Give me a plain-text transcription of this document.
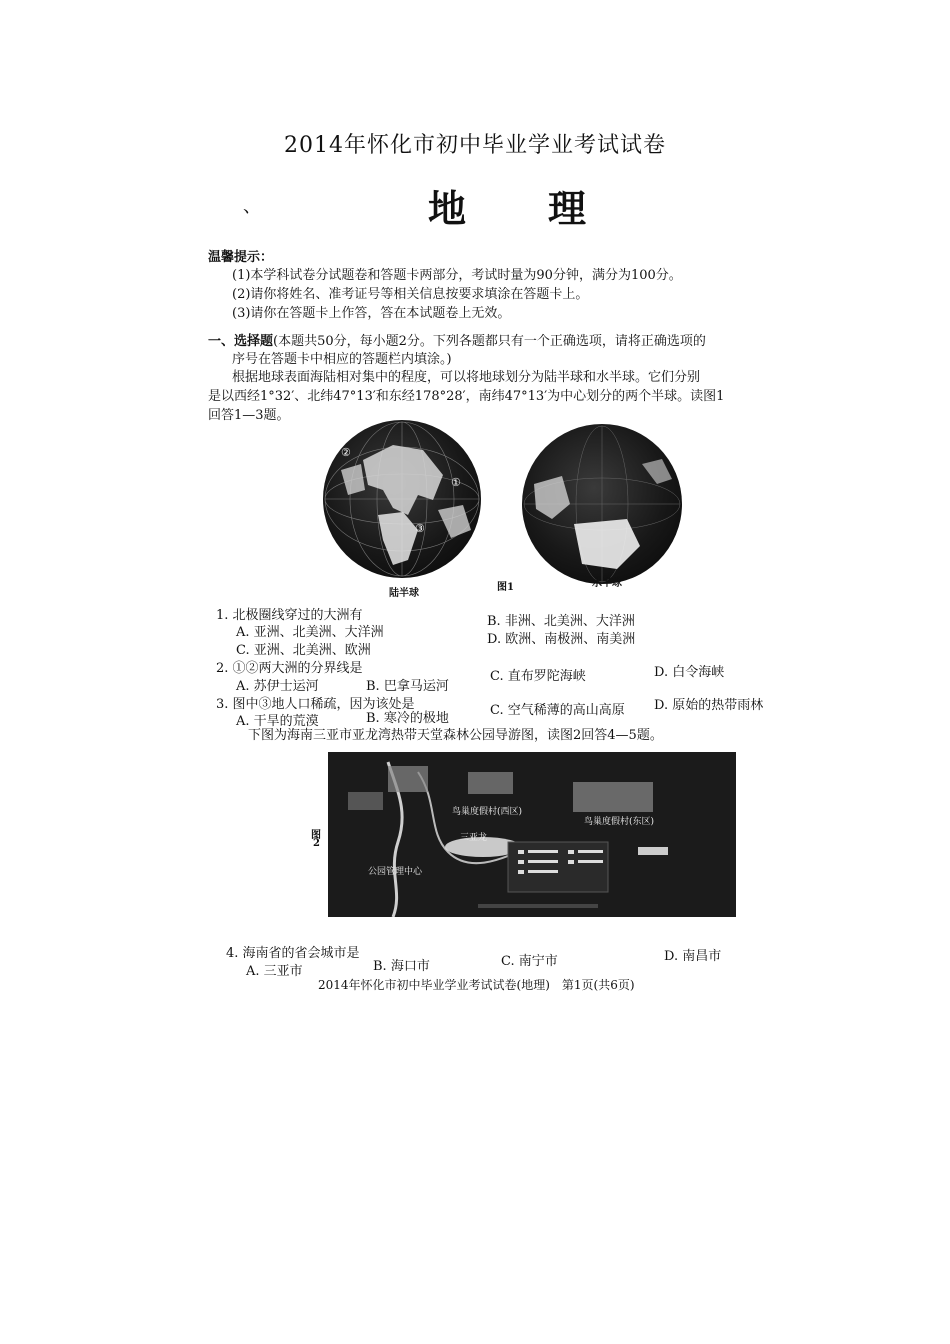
2014年怀化市初中毕业学业考试试卷
、	地　理
温馨提示：
(1)本学科试卷分试题卷和答题卡两部分，考试时量为90分钟，满分为100分。
(2)请你将姓名、准考证号等相关信息按要求填涂在答题卡上。
(3)请你在答题卡上作答，答在本试题卷上无效。
一、选择题(本题共50分，每小题2分。下列各题都只有一个正确选项，请将正确选项的
序号在答题卡中相应的答题栏内填涂。)
根据地球表面海陆相对集中的程度，可以将地球划分为陆半球和水半球。它们分别
是以西经1°32′、北纬47°13′和东经178°28′，南纬47°13′为中心划分的两个半球。读图1
回答1—3题。
②
①
③
陆半球
图1	水半球
1. 北极圈线穿过的大洲有	B. 非洲、北美洲、大洋洲
A. 亚洲、北美洲、大洋洲	D. 欧洲、南极洲、南美洲
C. 亚洲、北美洲、欧洲
2. ①②两大洲的分界线是
A. 苏伊士运河	B. 巴拿马运河
C. 直布罗陀海峡	D. 白令海峡
3. 图中③地人口稀疏，因为该处是
A. 干旱的荒漠	B. 寒冷的极地
C. 空气稀薄的高山高原 D. 原始的热带雨林
下图为海南三亚市亚龙湾热带天堂森林公园导游图，读图2回答4—5题。
图
2
鸟巢度假村(西区)
鸟巢度假村(东区)
公园管理中心
三亚龙
4. 海南省的省会城市是
A. 三亚市	B. 海口市	C. 南宁市	D. 南昌市
2014年怀化市初中毕业学业考试试卷(地理)　第1页(共6页)
